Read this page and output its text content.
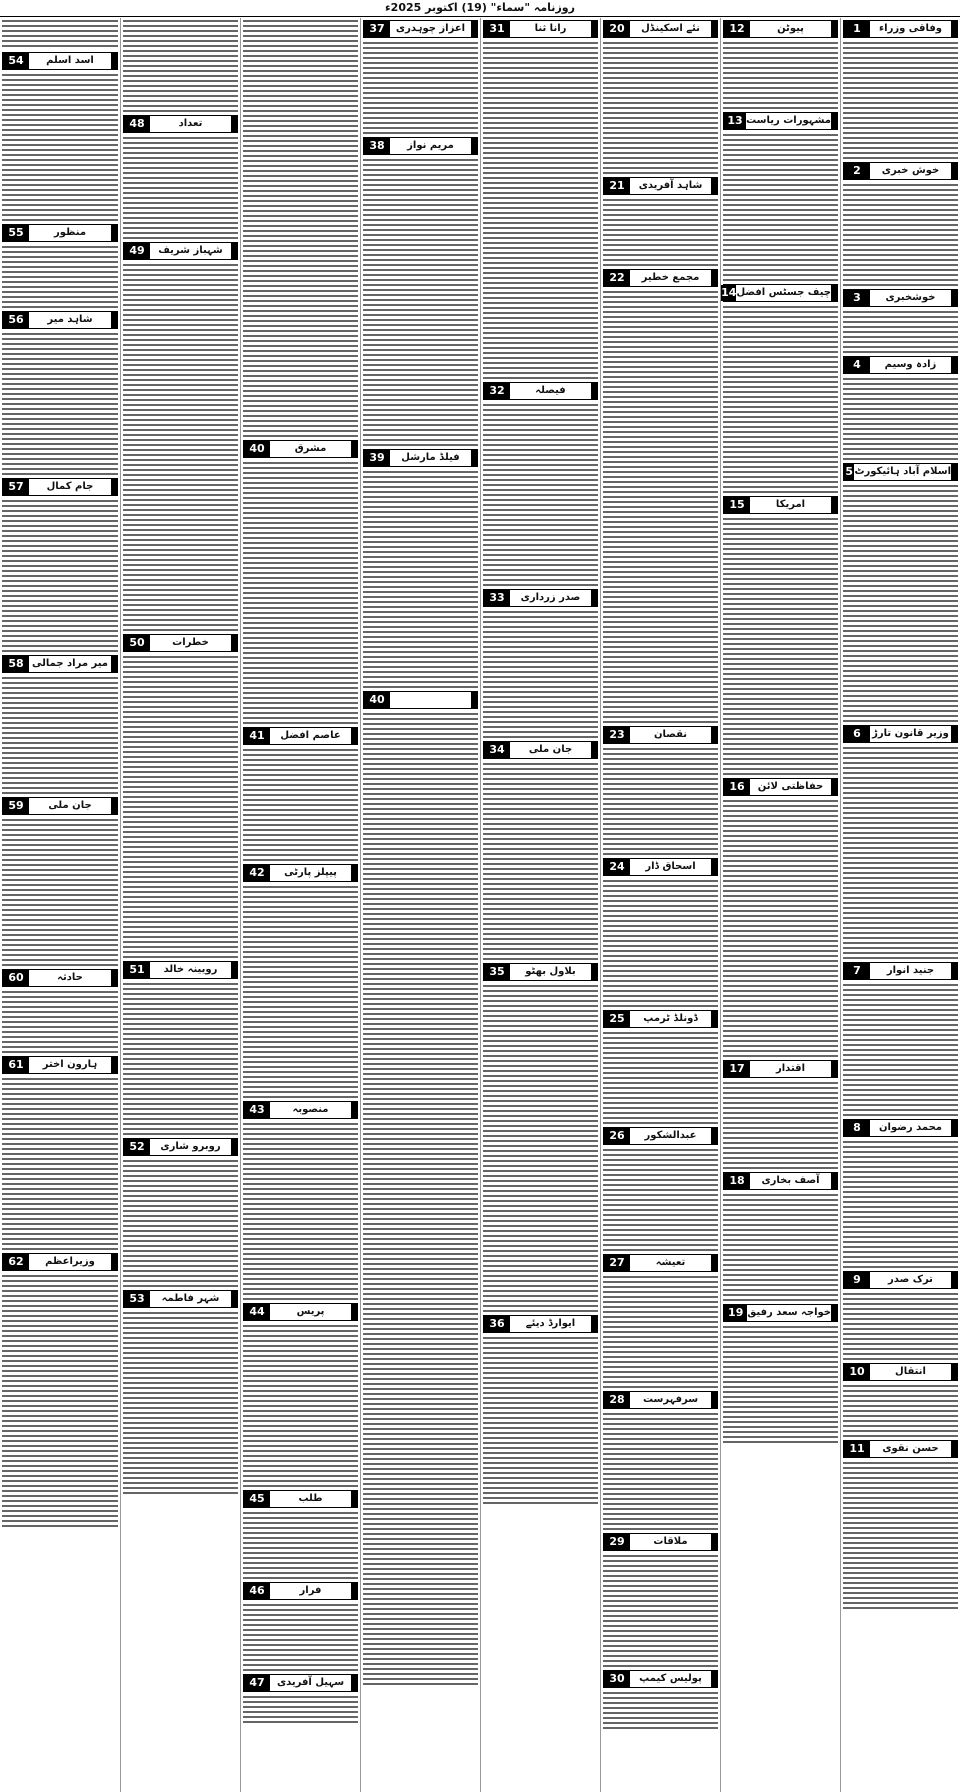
روزنامہ "سماء" (19) اکتوبر 2025ء
وفاقی وزراء
1
خوش خبری
2
خوشخبری
3
زادہ وسیم
4
اسلام آباد ہائیکورٹ
5
وزیر قانون تارڑ
6
جنید انوار
7
محمد رضوان
8
ترک صدر
9
انتقال
10
حسن نقوی
11
پیوٹن
12
مشہورات ریاست
13
چیف جسٹس افضل
14
امریکا
15
حفاظتی لائن
16
اقتدار
17
آصف بخاری
18
خواجہ سعد رفیق
19
نئے اسکینڈل
20
شاہد آفریدی
21
مجمع خطیر
22
نقصان
23
اسحاق ڈار
24
ڈونلڈ ٹرمپ
25
عبدالشکور
26
تعیشہ
27
سرفہرست
28
ملاقات
29
پولیس کیمپ
30
رانا ثنا
31
فیصلہ
32
صدر زرداری
33
جان ملی
34
بلاول بھٹو
35
ایوارڈ دیئے
36
اعزاز چوہدری
37
مریم نواز
38
فیلڈ مارشل
39
40
مشرق
40
عاصم افضل
41
پیپلز پارٹی
42
منصوبہ
43
پریس
44
طلب
45
فرار
46
سہیل آفریدی
47
تعداد
48
شہباز شریف
49
خطرات
50
رویینہ خالد
51
روبرو شاری
52
شہر فاطمہ
53
اسد اسلم
54
منظور
55
شاہد میر
56
جام کمال
57
میر مراد جمالی
58
جان ملی
59
حادثہ
60
ہارون اختر
61
وزیراعظم
62
